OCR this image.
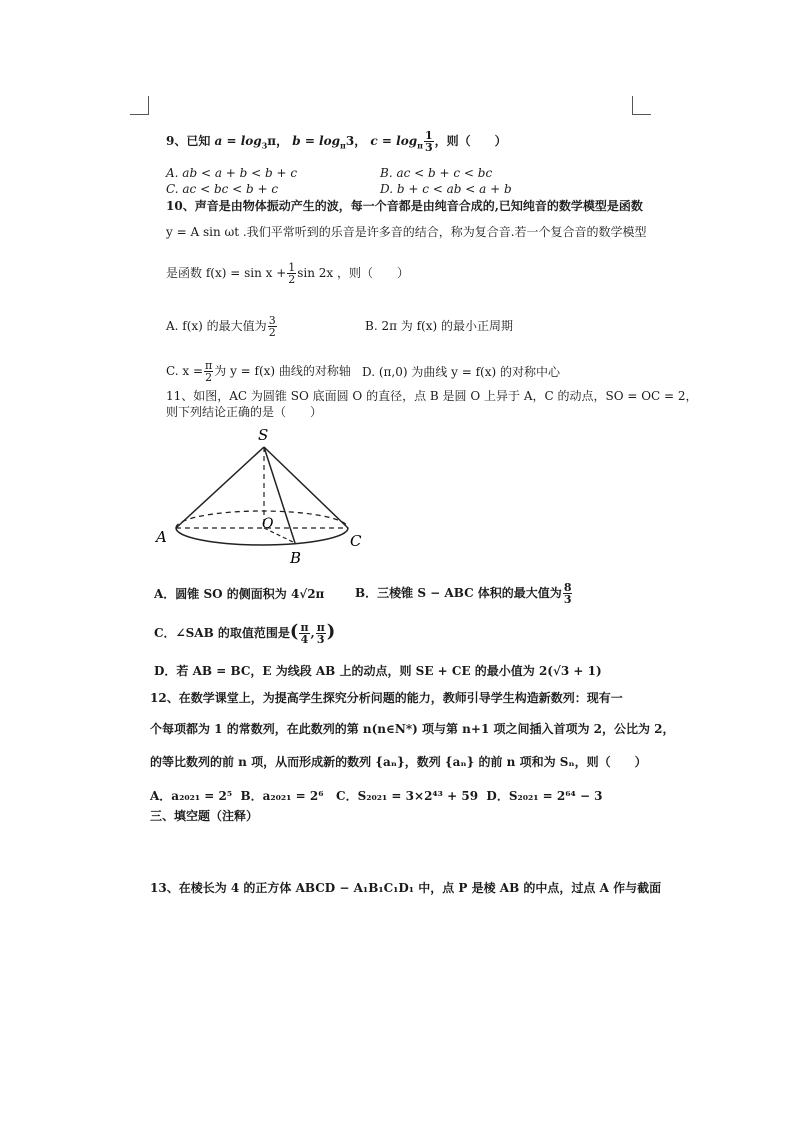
9、已知 $a = \log_3\pi$， $b = \log_\pi 3$， $c = \log_\pi \frac{1}{3}$ ，则（　　）
A. ab < a + b < b + c	B. ac < b + c < bc
C. ac < bc < b + c	D. b + c < ab < a + b
10、声音是由物体振动产生的波，每一个音都是由纯音合成的,已知纯音的数学模型是函数
y = A sin ωt .我们平常听到的乐音是许多音的结合，称为复合音.若一个复合音的数学模型
是函数 $f(x) = \sin x + \frac{1}{2}$ sin 2x ，则（　　）
A. f(x) 的最大值为 $\frac{3}{2}$	B. 2π 为 f(x) 的最小正周期
C. $x = \frac{\pi}{2}$ 为 y = f(x) 曲线的对称轴 D. (π,0) 为曲线 y = f(x) 的对称中心
11、如图，AC 为圆锥 SO 底面圆 O 的直径，点 B 是圆 O 上异于 A，C 的动点，SO = OC = 2，
则下列结论正确的是（　　）
S
O
A
B
C
A．圆锥 SO 的侧面积为 4√2π	B．三棱锥 S − ABC 体积的最大值为 $\frac{8}{3}$
C．∠SAB 的取值范围是( $\frac{\pi}{4}$ , $\frac{\pi}{3}$ )
D．若 AB = BC，E 为线段 AB 上的动点，则 SE + CE 的最小值为 2(√3 + 1)
12、在数学课堂上，为提高学生探究分析问题的能力，教师引导学生构造新数列：现有一
个每项都为 1 的常数列，在此数列的第 n(n∈N*) 项与第 n+1 项之间插入首项为 2，公比为 2，
的等比数列的前 n 项，从而形成新的数列 {aₙ}，数列 {aₙ} 的前 n 项和为 Sₙ，则（　　）
A．a₂₀₂₁ = 2⁵ B．a₂₀₂₁ = 2⁶ C．S₂₀₂₁ = 3×2⁴³ + 59 D．S₂₀₂₁ = 2⁶⁴ − 3
三、填空题（注释）
13、在棱长为 4 的正方体 ABCD − A₁B₁C₁D₁ 中，点 P 是棱 AB 的中点，过点 A 作与截面
